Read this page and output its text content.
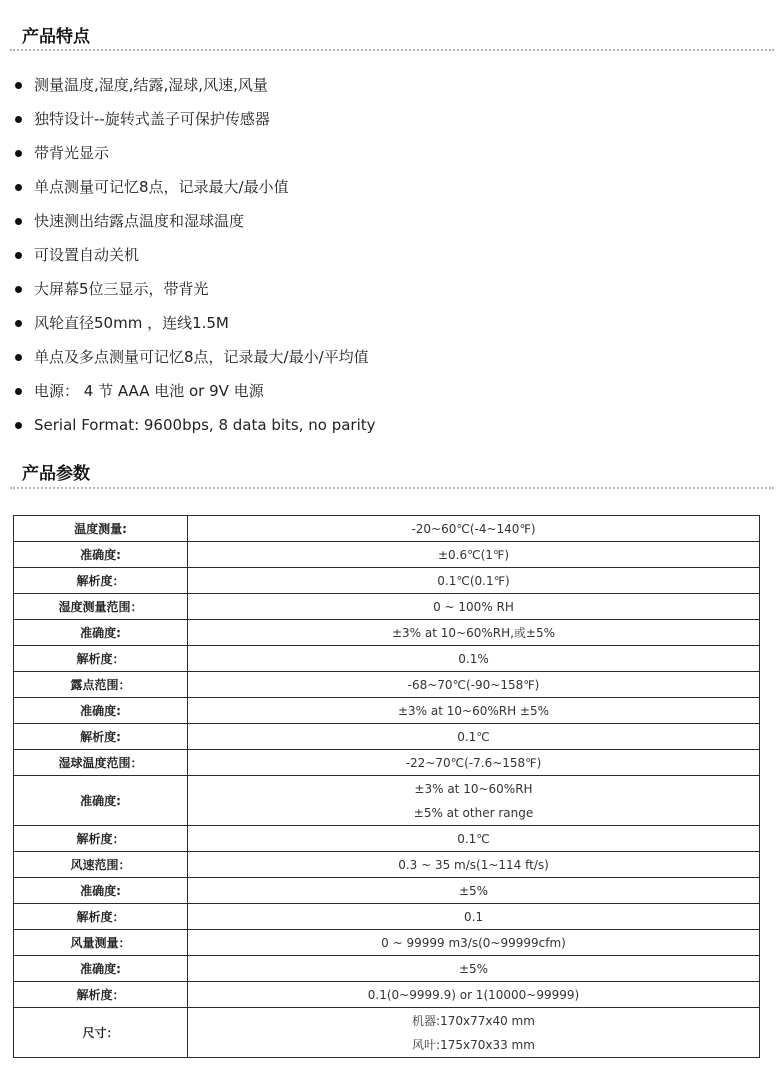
产品特点
测量温度,湿度,结露,湿球,风速,风量
独特设计--旋转式盖子可保护传感器
带背光显示
单点测量可记忆8点，记录最大/最小值
快速测出结露点温度和湿球温度
可设置自动关机
大屏幕5位三显示，带背光
风轮直径50mm ，连线1.5M
单点及多点测量可记忆8点，记录最大/最小/平均值
电源： 4 节 AAA 电池 or 9V 电源
Serial Format: 9600bps, 8 data bits, no parity
产品参数
温度测量:	-20~60℃(-4~140℉)

准确度:	±0.6℃(1℉)

解析度：	0.1℃(0.1℉)

湿度测量范围：	0 ~ 100% RH

准确度:	±3% at 10~60%RH,或±5%

解析度：	0.1%

露点范围：	-68~70℃(-90~158℉)

准确度:	±3% at 10~60%RH ±5%

解析度:	0.1℃

湿球温度范围：	-22~70℃(-7.6~158℉)

准确度:	±3% at 10~60%RH
±5% at other range

解析度：	0.1℃

风速范围：	0.3 ~ 35 m/s(1~114 ft/s)

准确度:	±5%

解析度：	0.1

风量测量：	0 ~ 99999 m3/s(0~99999cfm)

准确度:	±5%

解析度：	0.1(0~9999.9) or 1(10000~99999)

尺寸：	机器:170x77x40 mm
风叶:175x70x33 mm
